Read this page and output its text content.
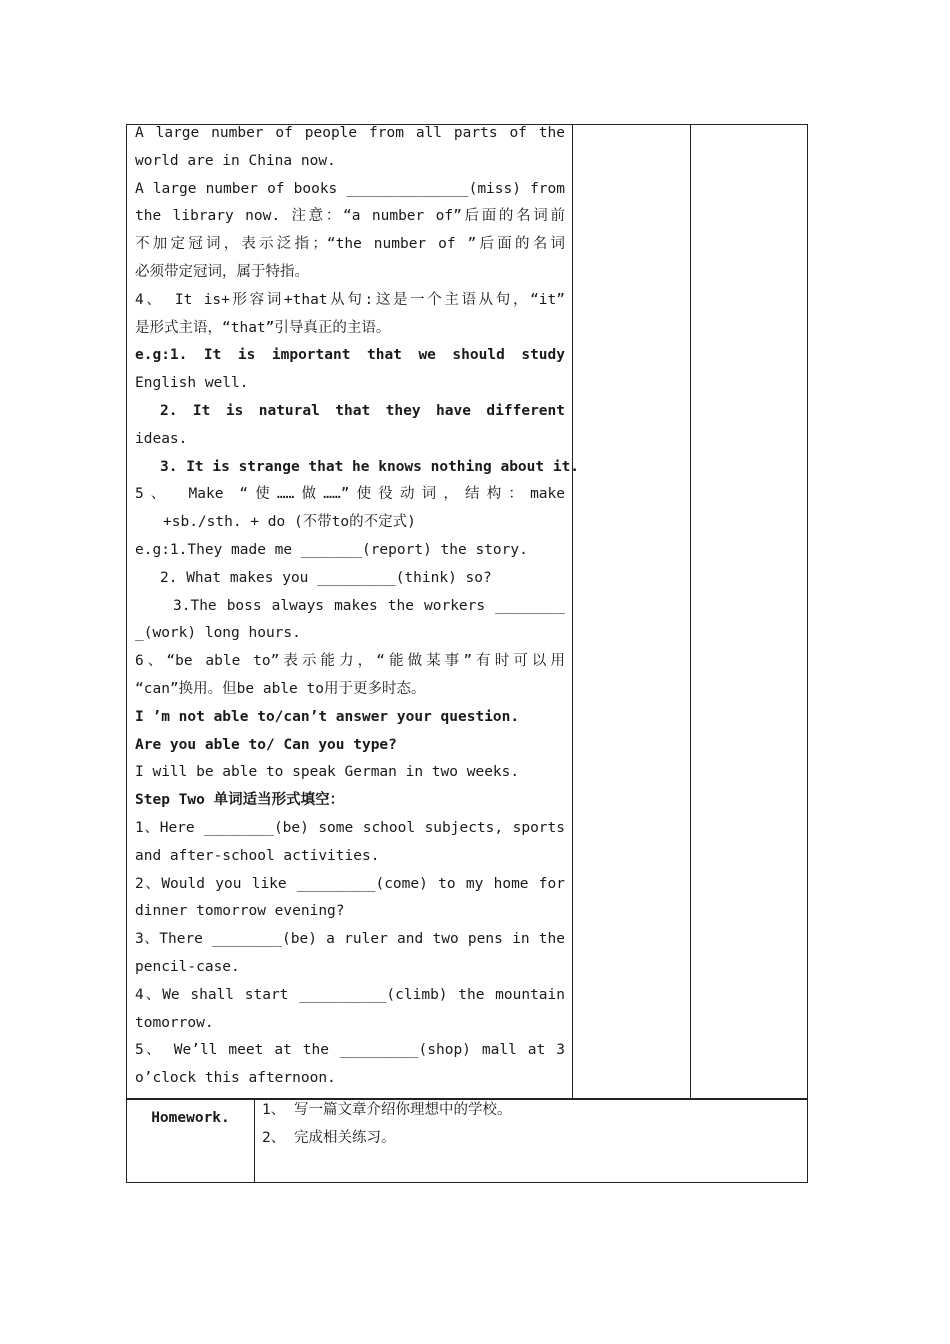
A large number of people from all parts of the
world are in China now.
A large number of books ______________(miss) from
the library now. 注意：“a number of”后面的名词前
不加定冠词，表示泛指；“the number of ”后面的名词
必须带定冠词，属于特指。
4、 It is+形容词+that从句:这是一个主语从句，“it”
是形式主语，“that”引导真正的主语。
e.g:1. It is important that we should study
English well.
2. It is natural that they have different
ideas.
3. It is strange that he knows nothing about it.
5、 Make “使……做……”使役动词，结构：make
+sb./sth. + do (不带to的不定式)
e.g:1.They made me _______(report) the story.
2. What makes you _________(think) so?
3.The boss always makes the workers ________
_(work) long hours.
6、“be able to”表示能力，“能做某事”有时可以用
“can”换用。但be able to用于更多时态。
I ’m not able to/can’t answer your question.
Are you able to/ Can you type?
I will be able to speak German in two weeks.
Step Two 单词适当形式填空：
1、Here ________(be) some school subjects, sports
and after-school activities.
2、Would you like _________(come) to my home for
dinner tomorrow evening?
3、There ________(be) a ruler and two pens in the
pencil-case.
4、We shall start __________(climb) the mountain
tomorrow.
5、 We’ll meet at the _________(shop) mall at 3
o’clock this afternoon.
Homework.	1、 写一篇文章介绍你理想中的学校。
2、 完成相关练习。
